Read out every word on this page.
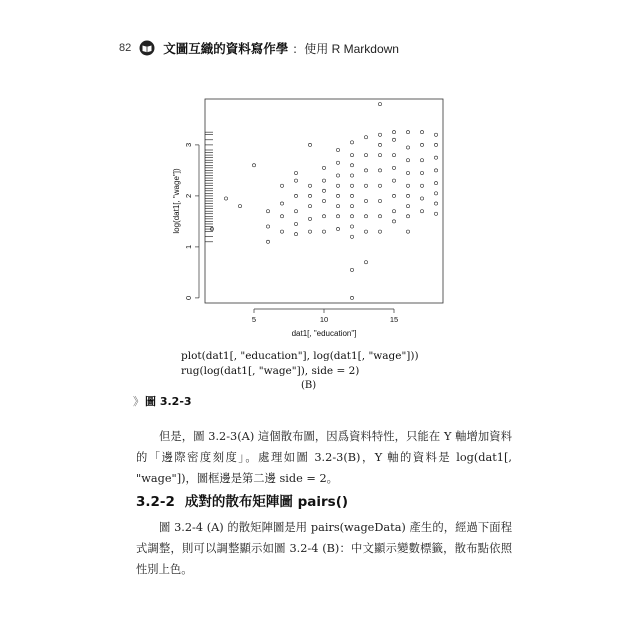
82	文圖互織的資料寫作學 ：使用 R Markdown
5	10	15
0
1
2
3
dat1[, "education"]
log(dat1[, "wage"])
plot(dat1[, "education"], log(dat1[, "wage"]))
rug(log(dat1[, "wage"]), side = 2)
(B)
》 圖 3.2-3
但是，圖 3.2-3(A) 這個散布圖，因爲資料特性，只能在 Y 軸增加資料的「邊際密度刻度」。處理如圖 3.2-3(B)，Y 軸的資料是 log(dat1[, "wage"])，圖框邊是第二邊 side = 2。
3.2-2 成對的散布矩陣圖 pairs()
圖 3.2-4 (A) 的散矩陣圖是用 pairs(wageData) 產生的，經過下面程式調整，則可以調整顯示如圖 3.2-4 (B)：中文顯示變數標籤，散布點依照性別上色。
